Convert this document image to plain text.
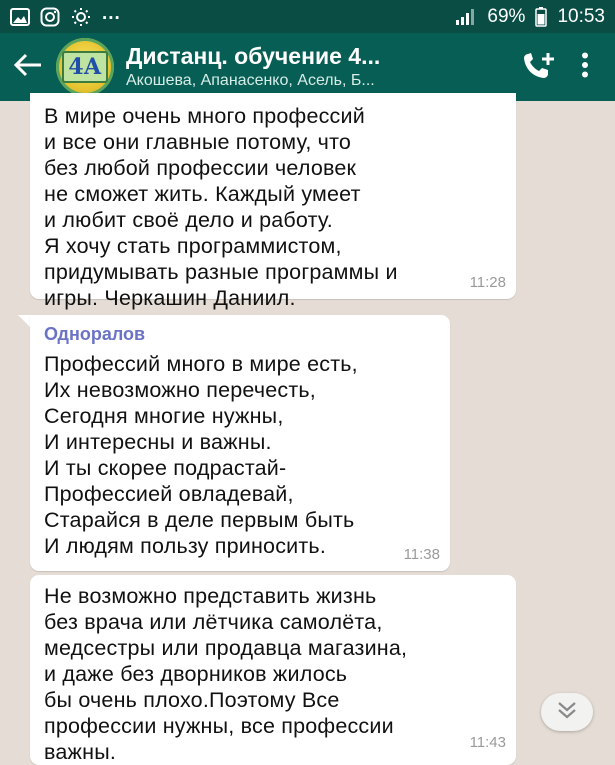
...	69% 10:53
4А Дистанц. обучение 4...
Акошева, Апанасенко, Асель, Б...
В мире очень много профессий
и все они главные потому, что
без любой профессии человек
не сможет жить. Каждый умеет
и любит своё дело и работу.
Я хочу стать программистом,
придумывать разные программы и
игры. Черкашин Даниил.
11:28
Одноралов
Профессий много в мире есть,
Их невозможно перечесть,
Сегодня многие нужны,
И интересны и важны.
И ты скорее подрастай-
Профессией овладевай,
Старайся в деле первым быть
И людям пользу приносить.	11:38
Не возможно представить жизнь
без врача или лётчика самолёта,
медсестры или продавца магазина,
и даже без дворников жилось
бы очень плохо.Поэтому Все
профессии нужны, все профессии
важны.	11:43
